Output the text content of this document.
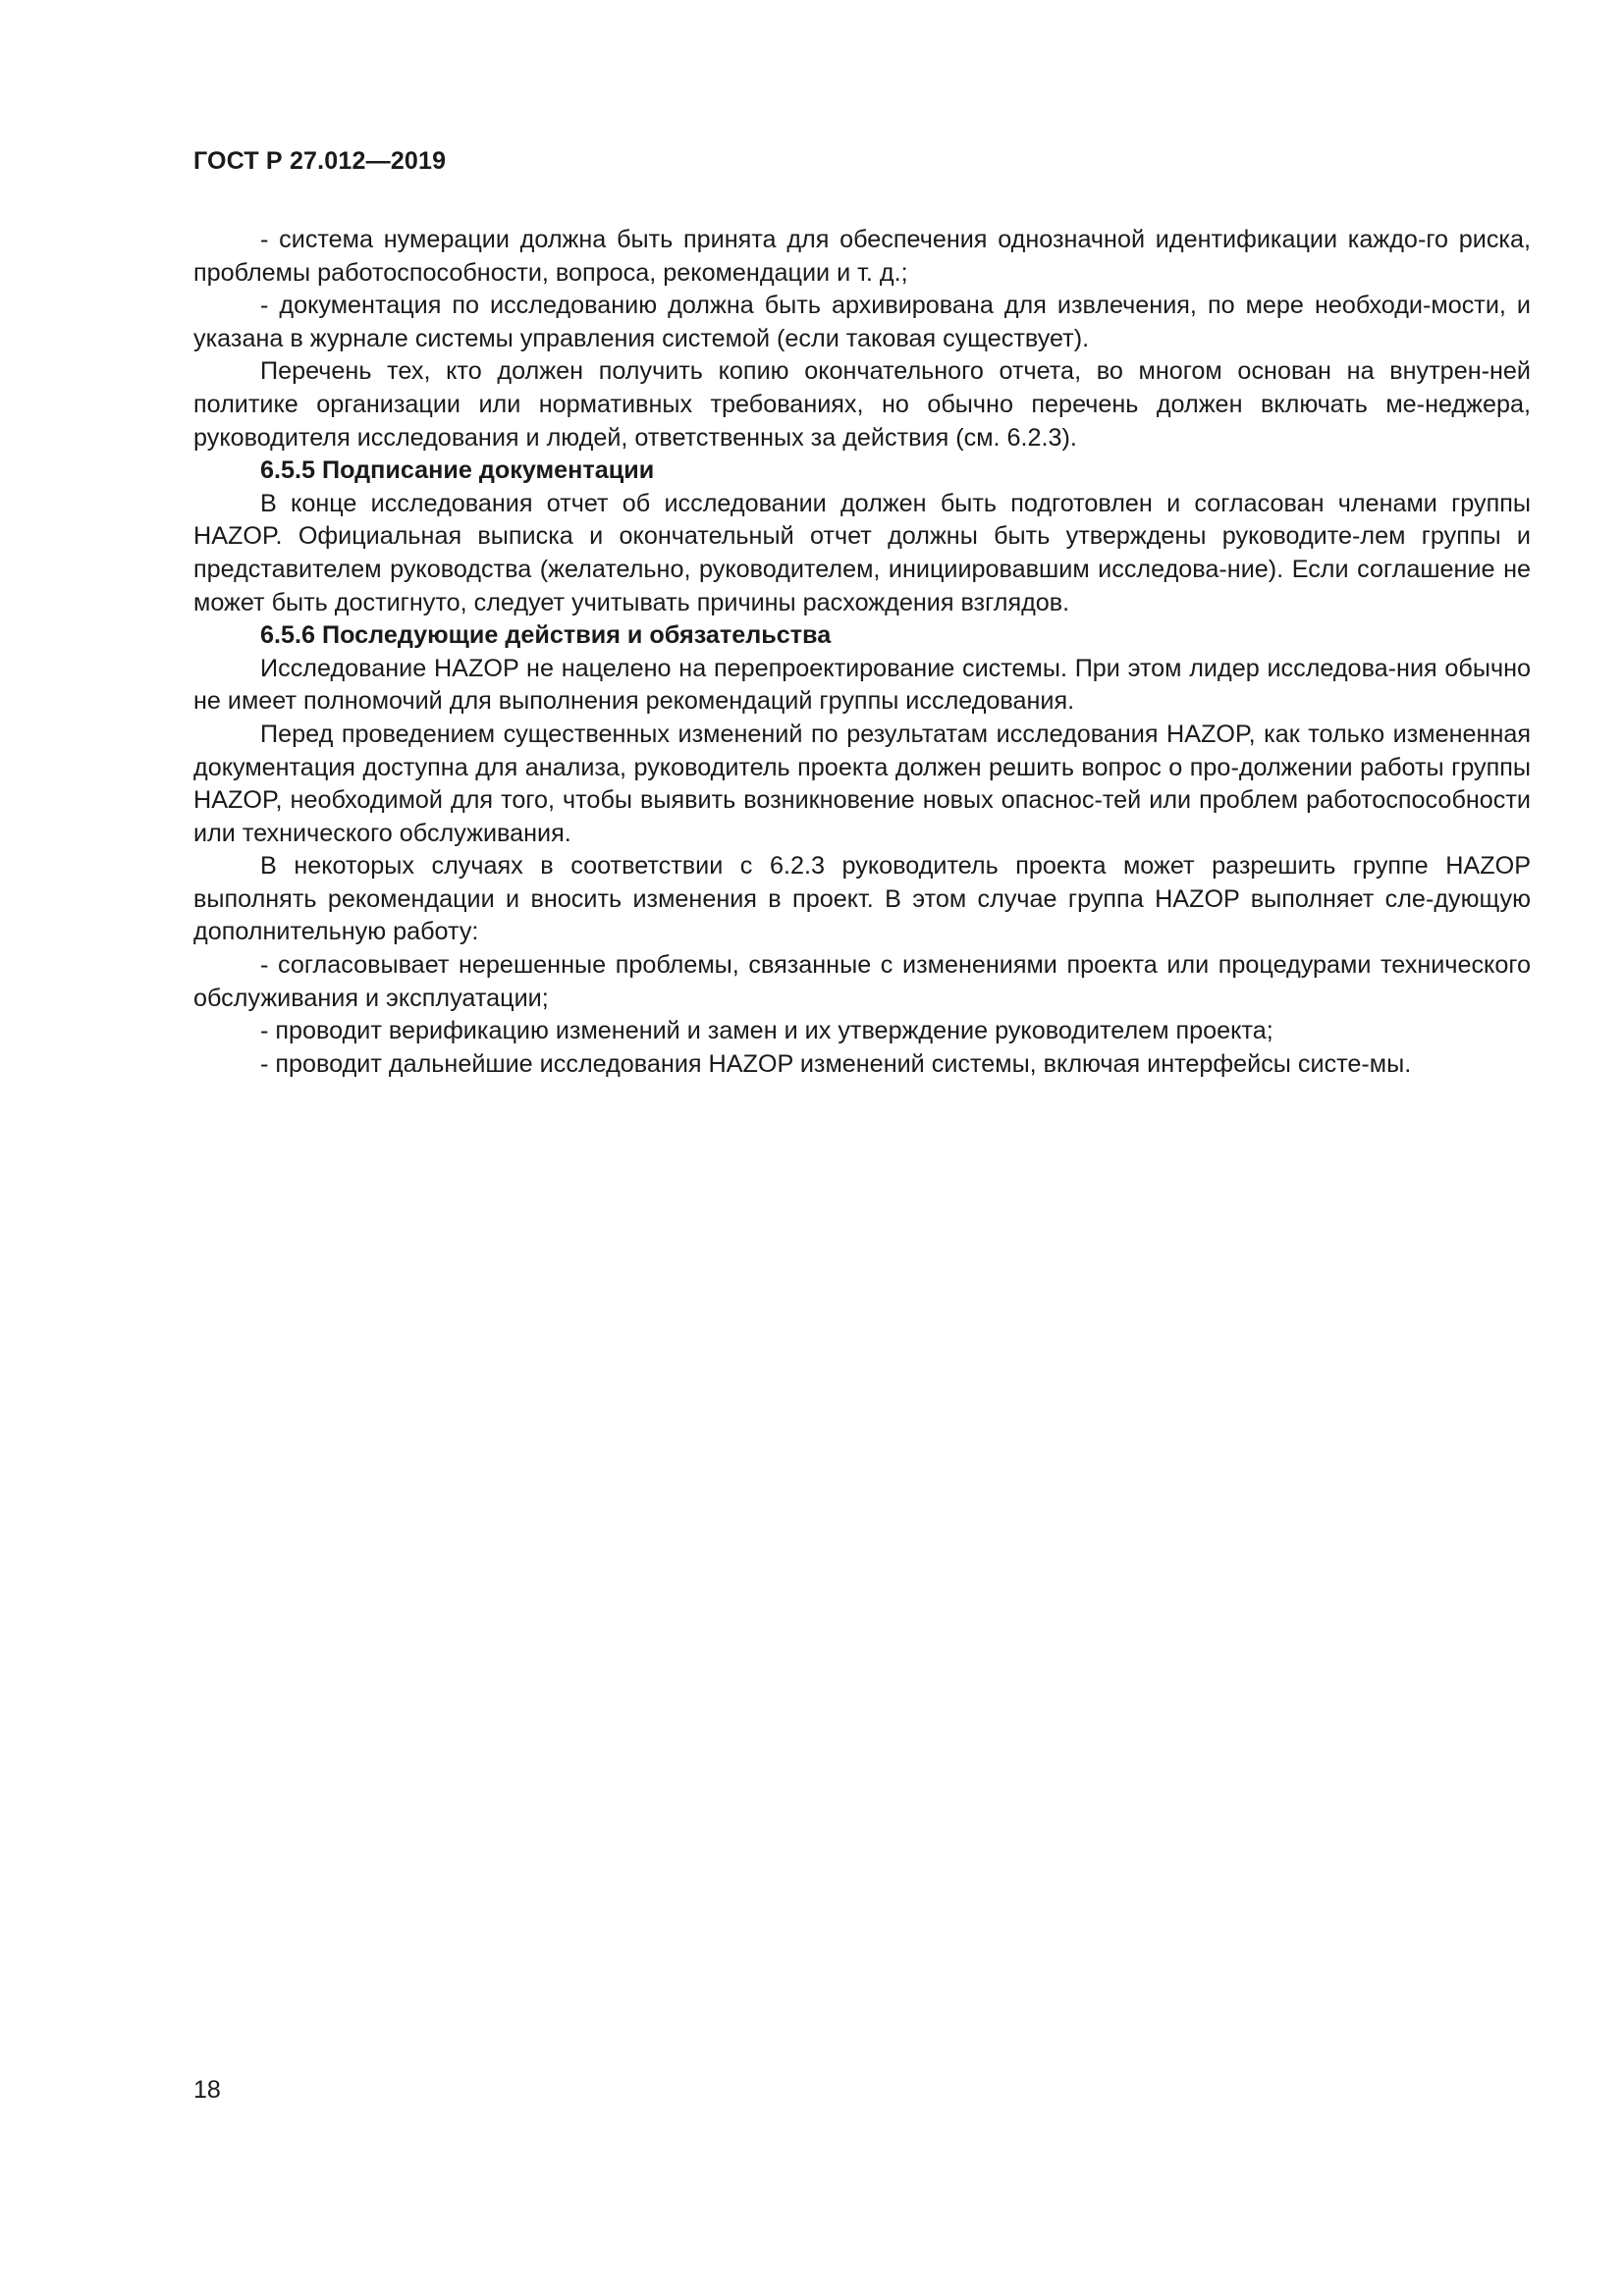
ГОСТ Р 27.012—2019

- система нумерации должна быть принята для обеспечения однозначной идентификации каждо-го риска, проблемы работоспособности, вопроса, рекомендации и т. д.;

- документация по исследованию должна быть архивирована для извлечения, по мере необходи-мости, и указана в журнале системы управления системой (если таковая существует).

Перечень тех, кто должен получить копию окончательного отчета, во многом основан на внутрен-ней политике организации или нормативных требованиях, но обычно перечень должен включать ме-неджера, руководителя исследования и людей, ответственных за действия (см. 6.2.3).

6.5.5 Подписание документации

В конце исследования отчет об исследовании должен быть подготовлен и согласован членами группы HAZOP. Официальная выписка и окончательный отчет должны быть утверждены руководите-лем группы и представителем руководства (желательно, руководителем, инициировавшим исследова-ние). Если соглашение не может быть достигнуто, следует учитывать причины расхождения взглядов.

6.5.6 Последующие действия и обязательства

Исследование HAZOP не нацелено на перепроектирование системы. При этом лидер исследова-ния обычно не имеет полномочий для выполнения рекомендаций группы исследования.

Перед проведением существенных изменений по результатам исследования HAZOP, как только измененная документация доступна для анализа, руководитель проекта должен решить вопрос о про-должении работы группы HAZOP, необходимой для того, чтобы выявить возникновение новых опаснос-тей или проблем работоспособности или технического обслуживания.

В некоторых случаях в соответствии с 6.2.3 руководитель проекта может разрешить группе HAZOP выполнять рекомендации и вносить изменения в проект. В этом случае группа HAZOP выполняет сле-дующую дополнительную работу:

- согласовывает нерешенные проблемы, связанные с изменениями проекта или процедурами технического обслуживания и эксплуатации;

- проводит верификацию изменений и замен и их утверждение руководителем проекта;

- проводит дальнейшие исследования HAZOP изменений системы, включая интерфейсы систе-мы.

18
